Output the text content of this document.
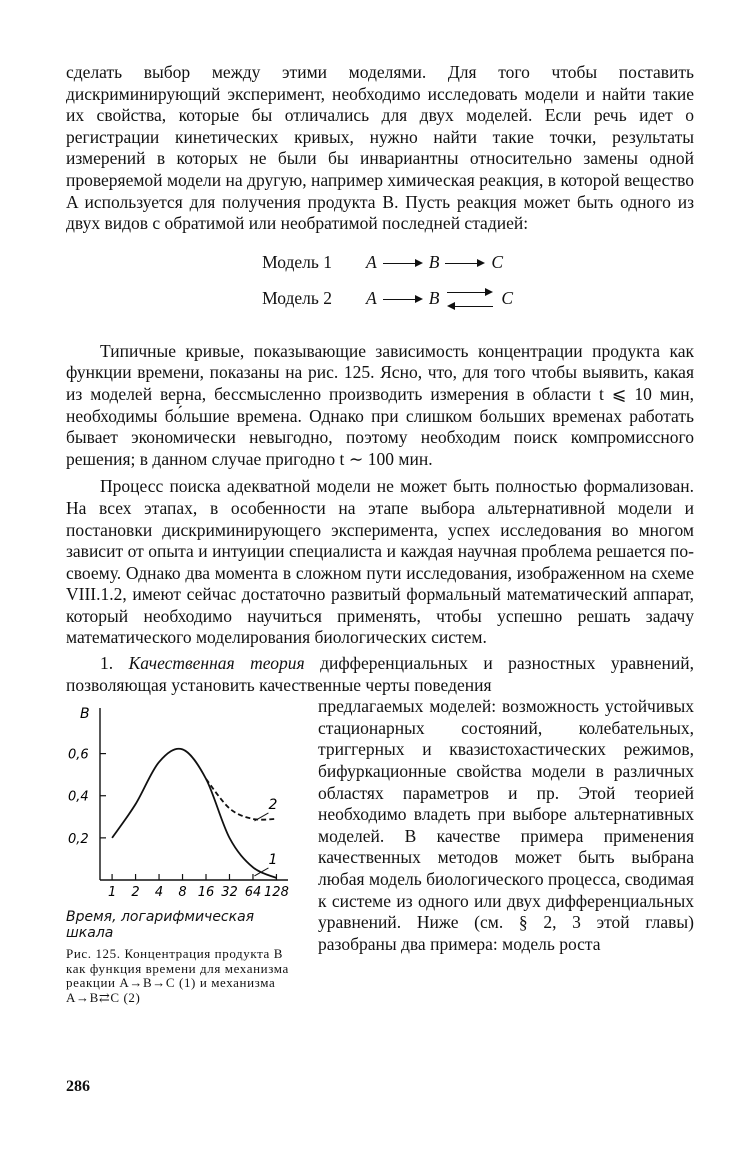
сделать выбор между этими моделями. Для того чтобы поставить дискриминирующий эксперимент, необходимо исследовать модели и найти такие их свойства, которые бы отличались для двух моделей. Если речь идет о регистрации кинетических кривых, нужно найти такие точки, результаты измерений в которых не были бы инвариантны относительно замены одной проверяемой модели на другую, например химическая реакция, в которой вещество A используется для получения продукта B. Пусть реакция может быть одного из двух видов с обратимой или необратимой последней стадией:

Модель 1	A	B	C
Модель 2	A	B	C

Типичные кривые, показывающие зависимость концентрации продукта как функции времени, показаны на рис. 125. Ясно, что, для того чтобы выявить, какая из моделей верна, бессмысленно производить измерения в области t ⩽ 10 мин, необходимы бо́льшие времена. Однако при слишком больших временах работать бывает экономически невыгодно, поэтому необходим поиск компромиссного решения; в данном случае пригодно t ∼ 100 мин.

Процесс поиска адекватной модели не может быть полностью формализован. На всех этапах, в особенности на этапе выбора альтернативной модели и постановки дискриминирующего эксперимента, успех исследования во многом зависит от опыта и интуиции специалиста и каждая научная проблема решается по-своему. Однако два момента в сложном пути исследования, изображенном на схеме VIII.1.2, имеют сейчас достаточно развитый формальный математический аппарат, который необходимо научиться применять, чтобы успешно решать задачу математического моделирования биологических систем.

1. Качественная теория дифференциальных и разностных уравнений, позволяющая установить качественные черты поведения

B
0,2
0,4
0,6
1 2 4 8 16 32 64 128
1
2
Время, логарифмическая шкала
Рис. 125. Концентрация продукта B как функция времени для механизма реакции A→B→C (1) и механизма A→B⇄C (2)

предлагаемых моделей: возможность устойчивых стационарных состояний, колебательных, триггерных и квазистохастических режимов, бифуркационные свойства модели в различных областях параметров и пр. Этой теорией необходимо владеть при выборе альтернативных моделей. В качестве примера применения качественных методов может быть выбрана любая модель биологического процесса, сводимая к системе из одного или двух дифференциальных уравнений. Ниже (см. § 2, 3 этой главы) разобраны два примера: модель роста

286
